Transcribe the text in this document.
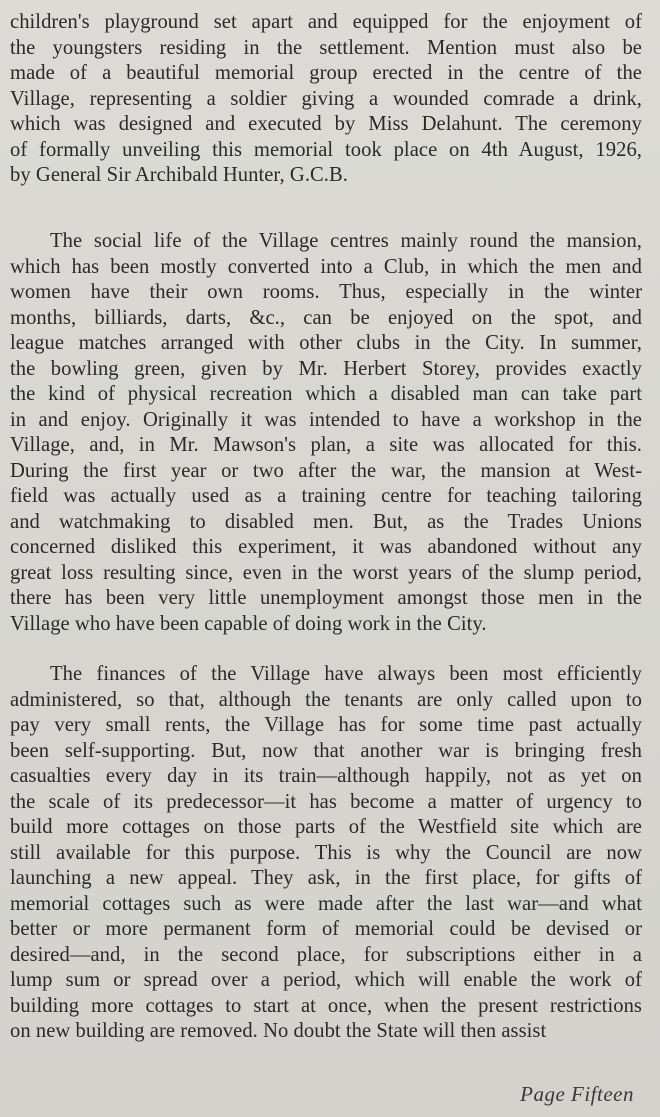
children's playground set apart and equipped for the enjoyment of
the youngsters residing in the settlement. Mention must also be
made of a beautiful memorial group erected in the centre of the
Village, representing a soldier giving a wounded comrade a drink,
which was designed and executed by Miss Delahunt. The ceremony
of formally unveiling this memorial took place on 4th August, 1926,
by General Sir Archibald Hunter, G.C.B.

The social life of the Village centres mainly round the mansion,
which has been mostly converted into a Club, in which the men and
women have their own rooms. Thus, especially in the winter
months, billiards, darts, &c., can be enjoyed on the spot, and
league matches arranged with other clubs in the City. In summer,
the bowling green, given by Mr. Herbert Storey, provides exactly
the kind of physical recreation which a disabled man can take part
in and enjoy. Originally it was intended to have a workshop in the
Village, and, in Mr. Mawson's plan, a site was allocated for this.
During the first year or two after the war, the mansion at West-
field was actually used as a training centre for teaching tailoring
and watchmaking to disabled men. But, as the Trades Unions
concerned disliked this experiment, it was abandoned without any
great loss resulting since, even in the worst years of the slump period,
there has been very little unemployment amongst those men in the
Village who have been capable of doing work in the City.

The finances of the Village have always been most efficiently
administered, so that, although the tenants are only called upon to
pay very small rents, the Village has for some time past actually
been self-supporting. But, now that another war is bringing fresh
casualties every day in its train—although happily, not as yet on
the scale of its predecessor—it has become a matter of urgency to
build more cottages on those parts of the Westfield site which are
still available for this purpose. This is why the Council are now
launching a new appeal. They ask, in the first place, for gifts of
memorial cottages such as were made after the last war—and what
better or more permanent form of memorial could be devised or
desired—and, in the second place, for subscriptions either in a
lump sum or spread over a period, which will enable the work of
building more cottages to start at once, when the present restrictions
on new building are removed. No doubt the State will then assist

Page Fifteen
